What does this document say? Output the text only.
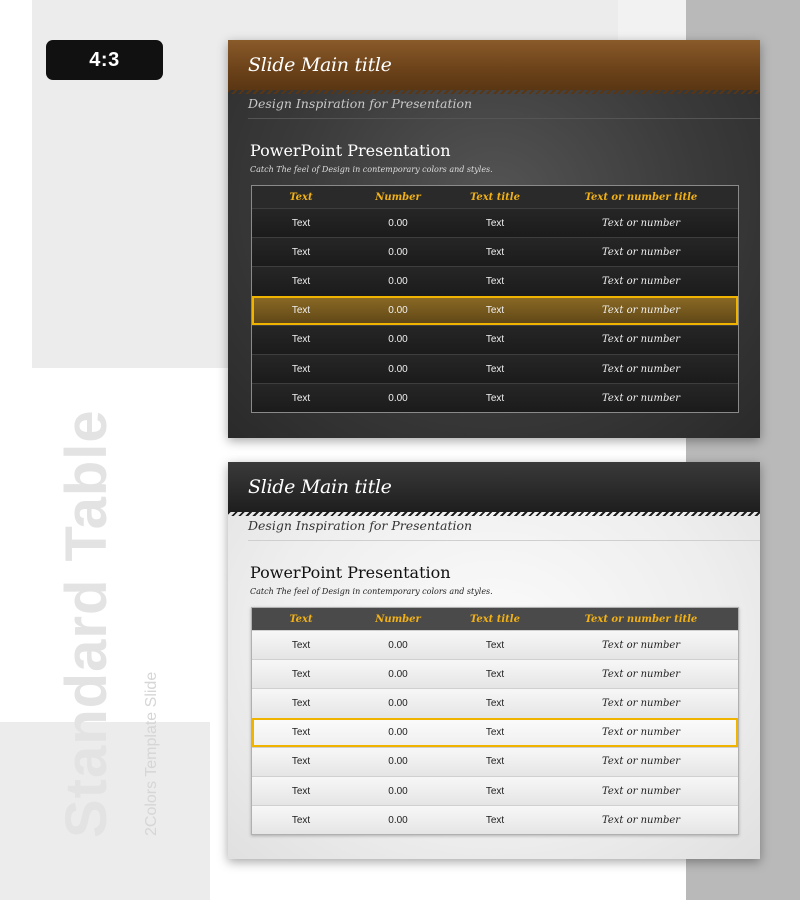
4:3
Standard Table 2Colors Template Slide
Slide Main title
Design Inspiration for Presentation
PowerPoint Presentation
Catch The feel of Design in contemporary colors and styles.
Text	Number	Text title	Text or number title
Text	0.00	Text	Text or number
Text	0.00	Text	Text or number
Text	0.00	Text	Text or number
Text	0.00	Text	Text or number
Text	0.00	Text	Text or number
Text	0.00	Text	Text or number
Text	0.00	Text	Text or number
Slide Main title
Design Inspiration for Presentation
PowerPoint Presentation
Catch The feel of Design in contemporary colors and styles.
Text	Number	Text title	Text or number title
Text	0.00	Text	Text or number
Text	0.00	Text	Text or number
Text	0.00	Text	Text or number
Text	0.00	Text	Text or number
Text	0.00	Text	Text or number
Text	0.00	Text	Text or number
Text	0.00	Text	Text or number
